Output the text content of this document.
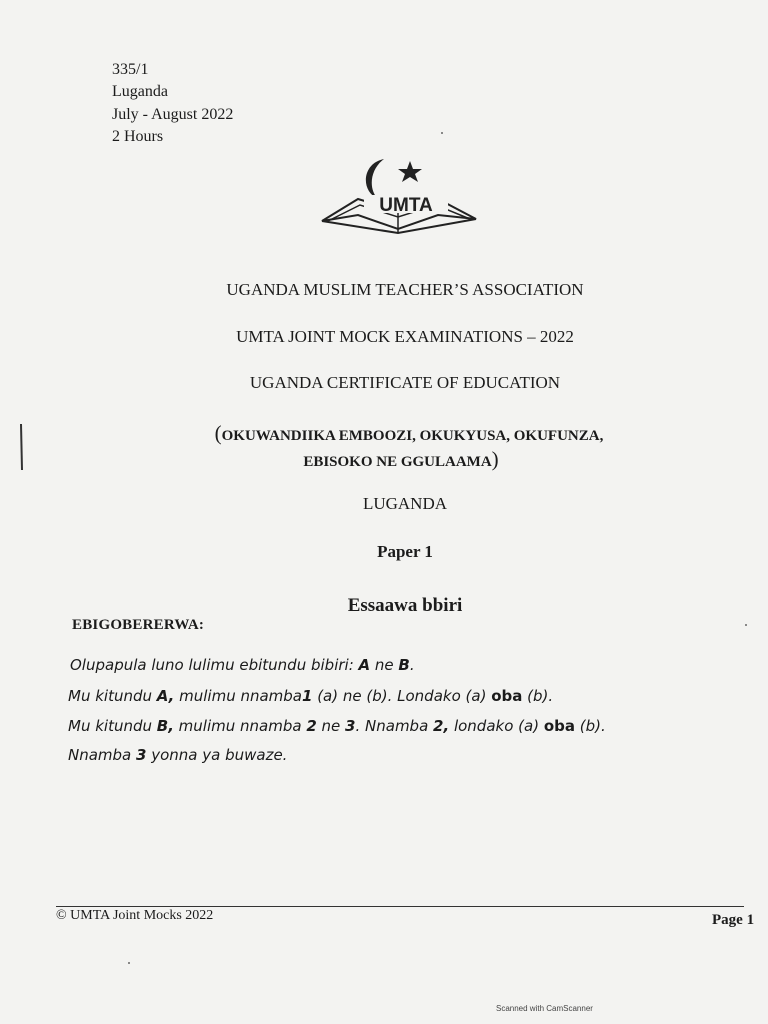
335/1
Luganda
July - August 2022
2 Hours
UMTA
UGANDA MUSLIM TEACHER’S ASSOCIATION
UMTA JOINT MOCK EXAMINATIONS – 2022
UGANDA CERTIFICATE OF EDUCATION
(OKUWANDIIKA EMBOOZI, OKUKYUSA, OKUFUNZA,
EBISOKO NE GGULAAMA)
LUGANDA
Paper 1
Essaawa bbiri
EBIGOBERERWA:
Olupapula luno lulimu ebitundu bibiri: A ne B.
Mu kitundu A, mulimu nnamba1 (a) ne (b). Londako (a) oba (b).
Mu kitundu B, mulimu nnamba 2 ne 3. Nnamba 2, londako (a) oba (b).
Nnamba 3 yonna ya buwaze.
© UMTA Joint Mocks 2022	Page 1
Scanned with CamScanner
